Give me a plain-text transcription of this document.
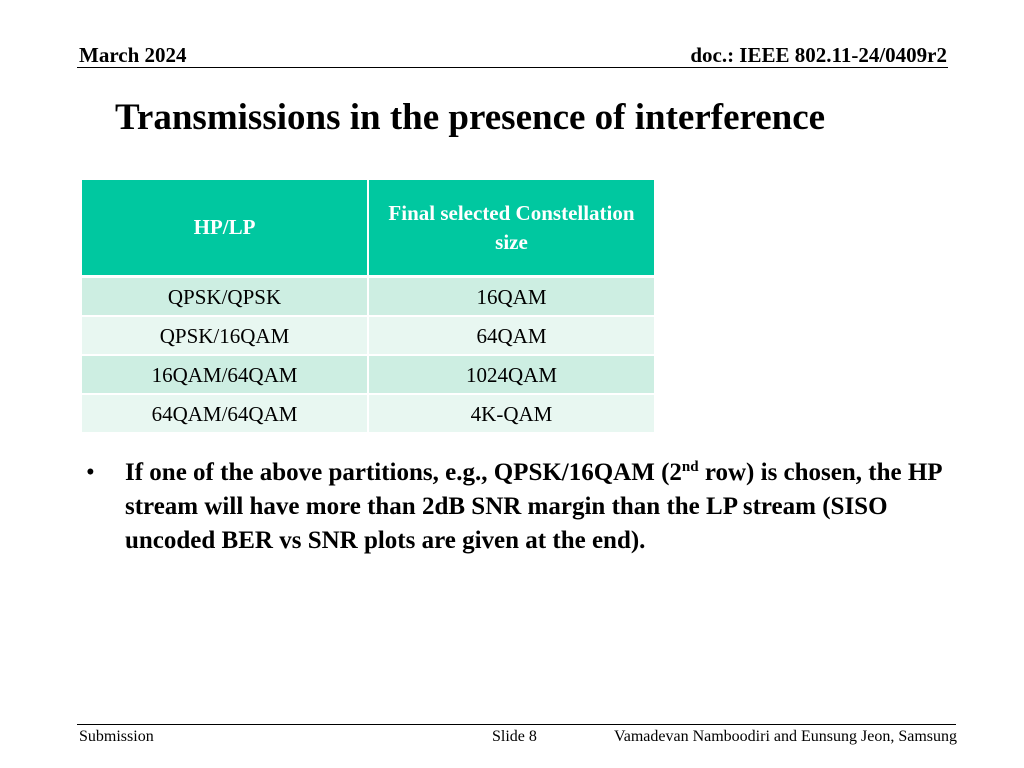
March 2024	doc.: IEEE 802.11-24/0409r2
Transmissions in the presence of interference
HP/LP	Final selected Constellation size
QPSK/QPSK	16QAM
QPSK/16QAM	64QAM
16QAM/64QAM	1024QAM
64QAM/64QAM	4K-QAM
• If one of the above partitions, e.g., QPSK/16QAM (2nd row) is chosen, the HP stream will have more than 2dB SNR margin than the LP stream (SISO uncoded BER vs SNR plots are given at the end).
Submission	Slide 8	Vamadevan Namboodiri and Eunsung Jeon, Samsung
